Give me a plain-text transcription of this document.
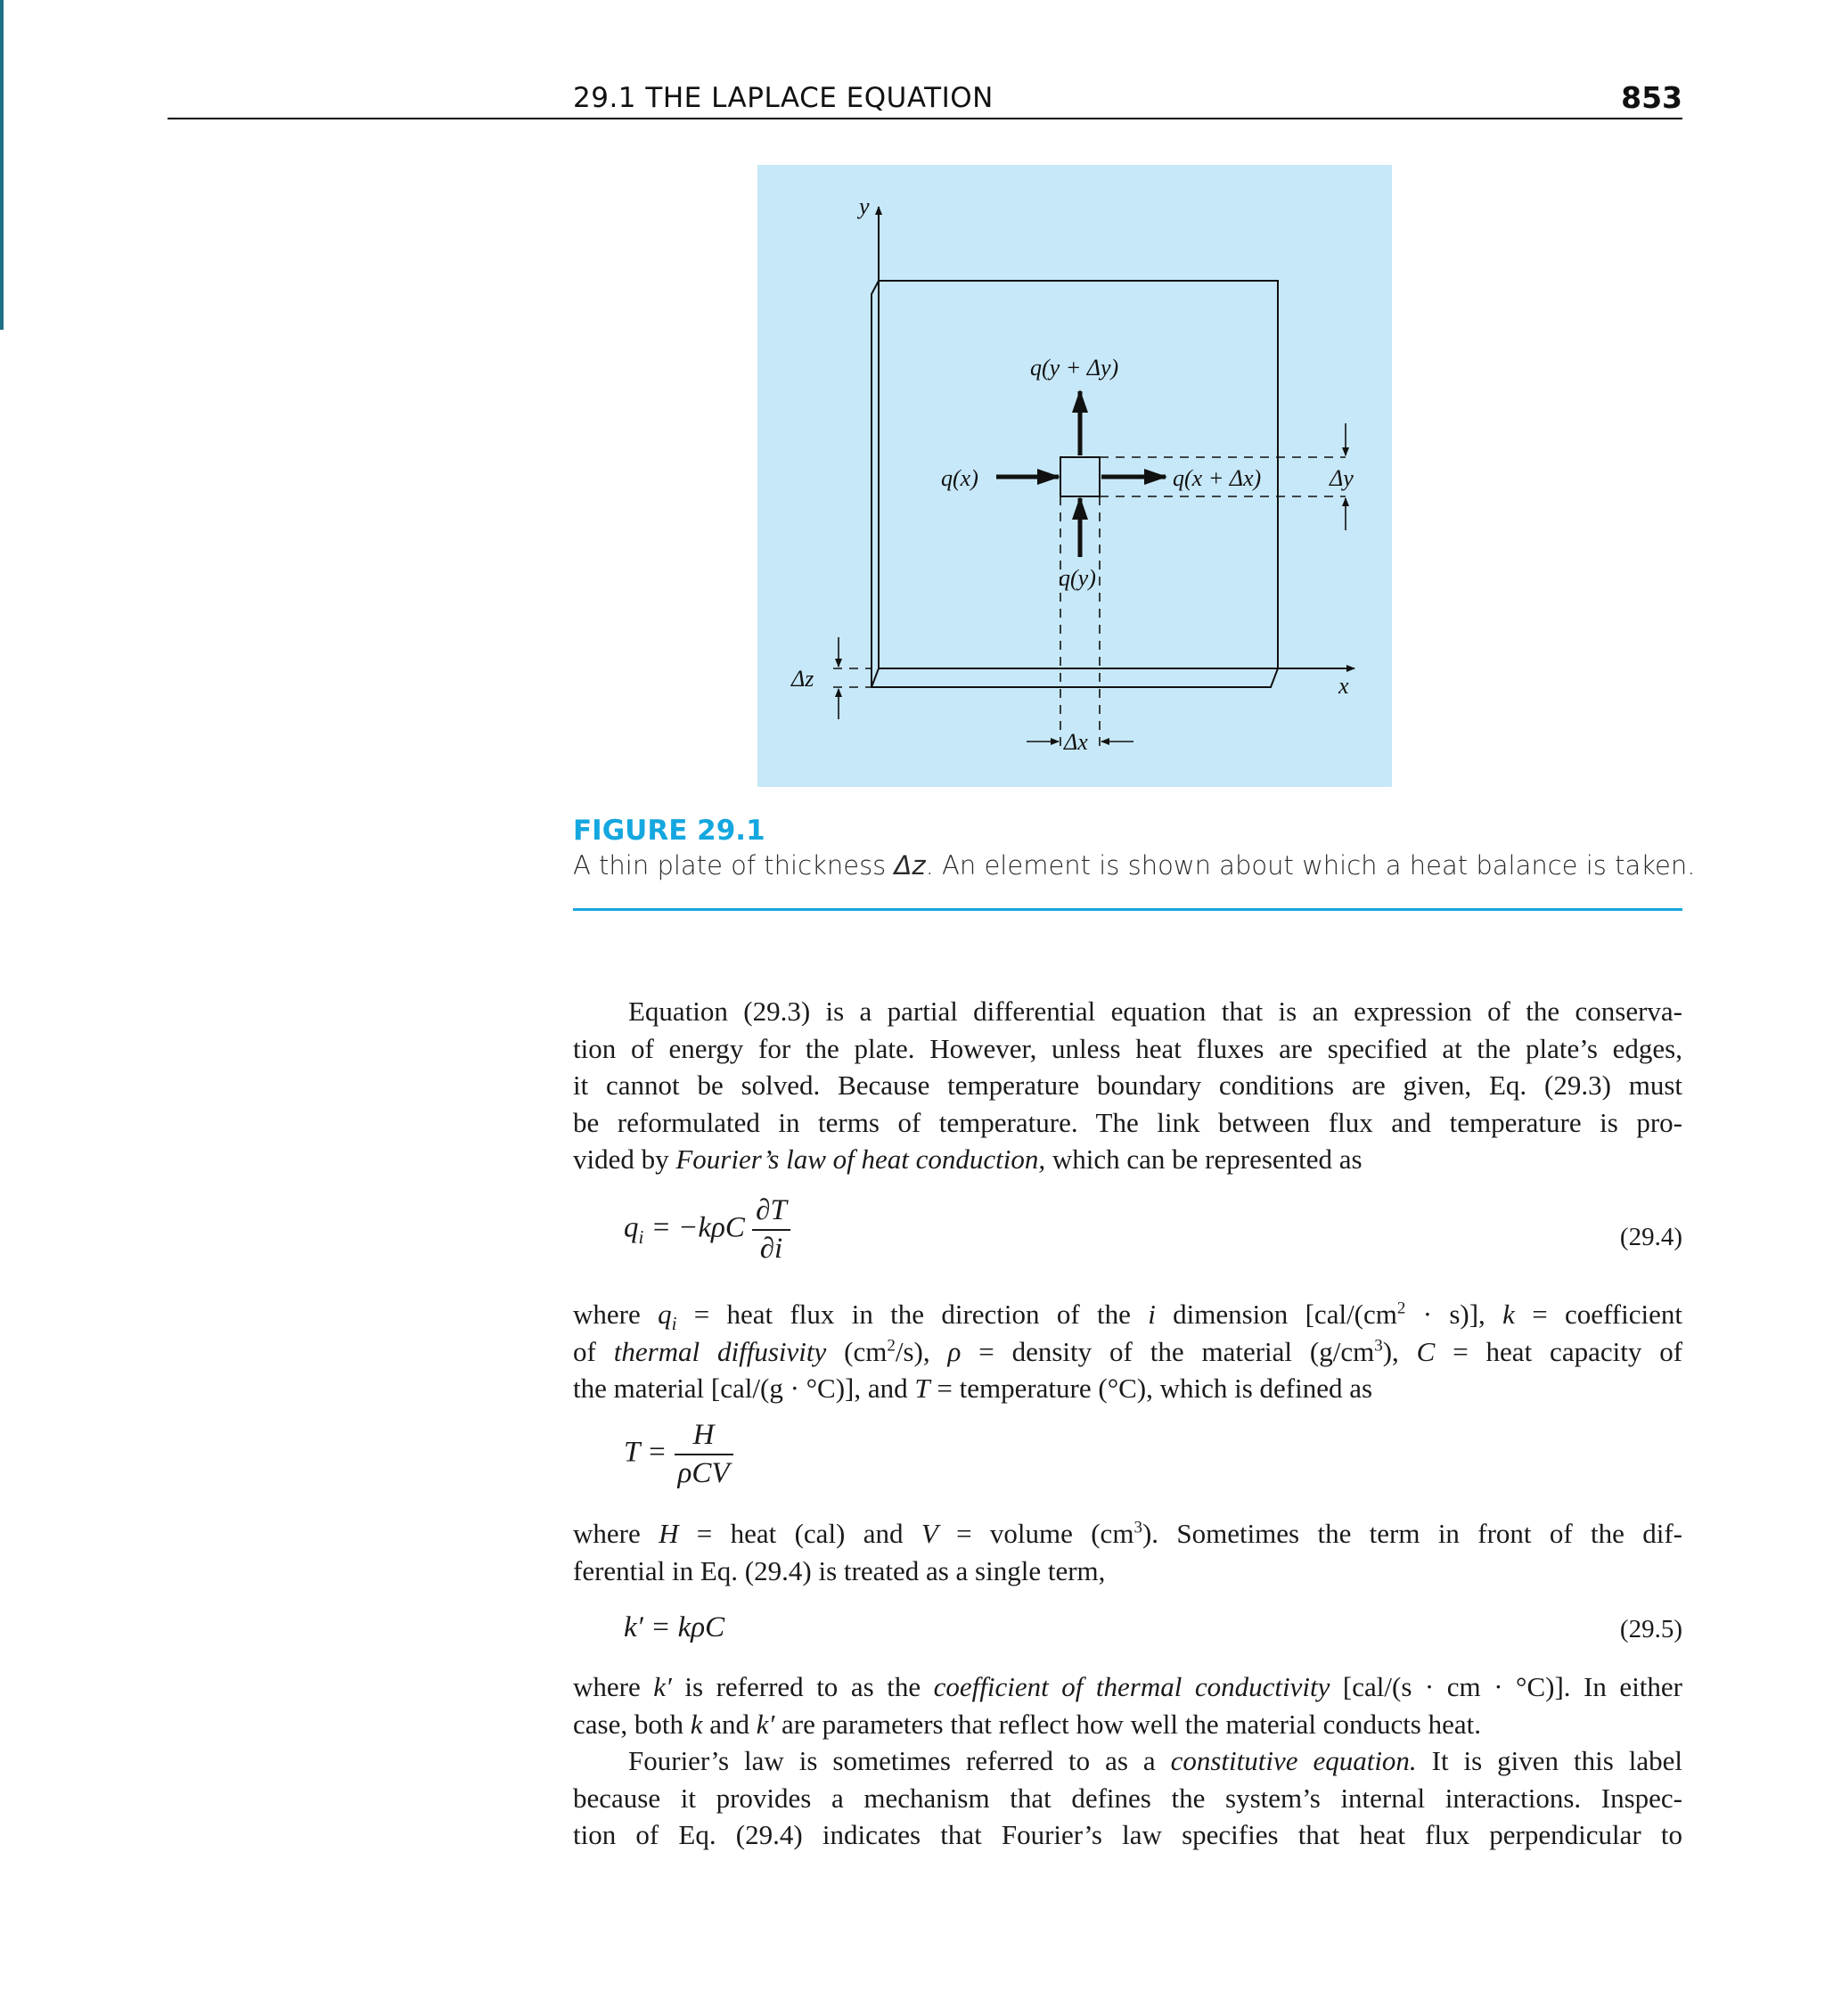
29.1 THE LAPLACE EQUATION	853
y
x
q(x)	q(x + Δx)
q(y)
q(y + Δy)
Δy
Δz
Δx
FIGURE 29.1
A thin plate of thickness Δz. An element is shown about which a heat balance is taken.
Equation (29.3) is a partial differential equation that is an expression of the conserva-
tion of energy for the plate. However, unless heat fluxes are specified at the plate’s edges,
it cannot be solved. Because temperature boundary conditions are given, Eq. (29.3) must
be reformulated in terms of temperature. The link between flux and temperature is pro-
vided by Fourier’s law of heat conduction, which can be represented as
$q_i = -k\rho C \frac{\partial T}{\partial i}$	(29.4)
where $q_i$ = heat flux in the direction of the i dimension $[cal/(cm^2 \cdot s)]$, k = coefficient
of thermal diffusivity $(cm^2/s)$, ρ = density of the material $(g/cm^3)$, C = heat capacity of
the material [cal/(g · °C)], and T = temperature (°C), which is defined as
$T = \frac{H}{\text{ρCV}}$
where H = heat (cal) and V = volume $(cm^3)$. Sometimes the term in front of the dif-
ferential in Eq. (29.4) is treated as a single term,
k′ = kρC	(29.5)
where k′ is referred to as the coefficient of thermal conductivity [cal/(s · cm · °C)]. In either
case, both k and k′ are parameters that reflect how well the material conducts heat.
Fourier’s law is sometimes referred to as a constitutive equation. It is given this label
because it provides a mechanism that defines the system’s internal interactions. Inspec-
tion of Eq. (29.4) indicates that Fourier’s law specifies that heat flux perpendicular to
